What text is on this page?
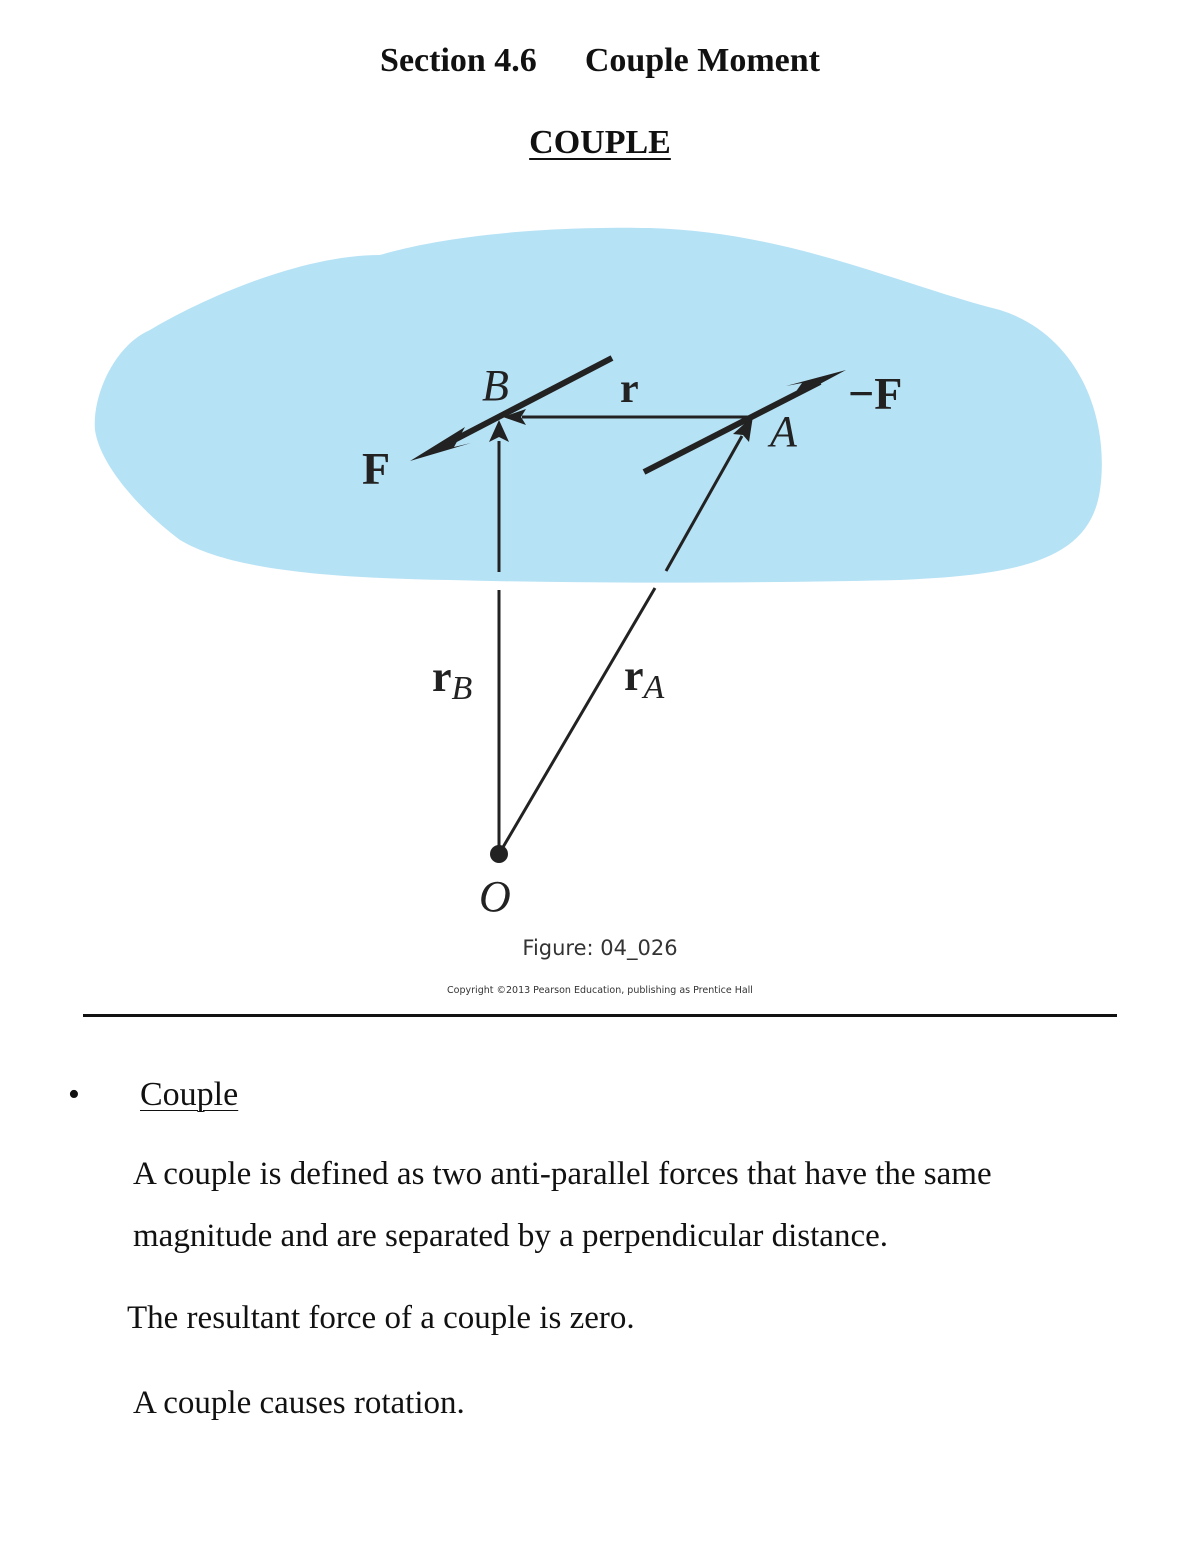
Section 4.6 Couple Moment
COUPLE
B	r	−F
A
F
rB	rA
O
Figure: 04_026
Copyright ©2013 Pearson Education, publishing as Prentice Hall
• Couple
A couple is defined as two anti-parallel forces that have the same magnitude and are separated by a perpendicular distance.
The resultant force of a couple is zero.
A couple causes rotation.
